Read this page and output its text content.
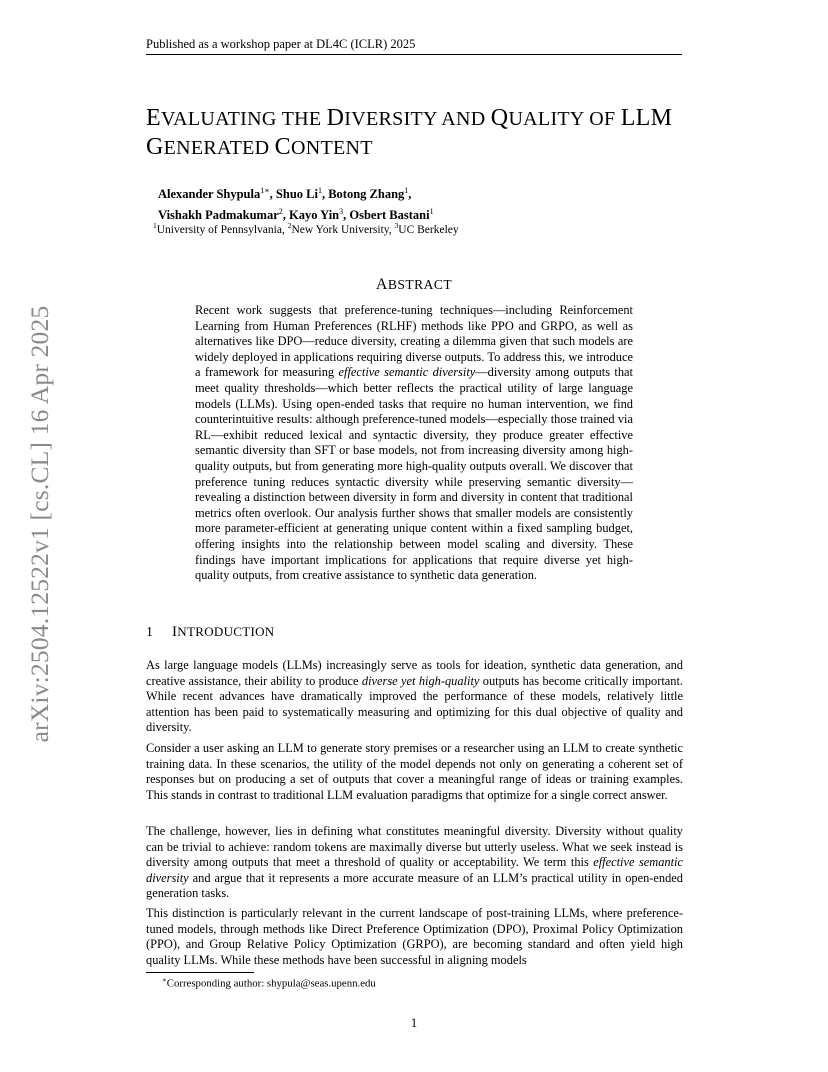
Published as a workshop paper at DL4C (ICLR) 2025
arXiv:2504.12522v1 [cs.CL] 16 Apr 2025
EVALUATING THE DIVERSITY AND QUALITY OF LLM
GENERATED CONTENT
Alexander Shypula$^{1∗}$, Shuo Li$^1$, Botong Zhang$^1$,
Vishakh Padmakumar$^2$, Kayo Yin$^3$, Osbert Bastani$^1$
$^1$University of Pennsylvania, $^2$New York University, $^3$UC Berkeley
ABSTRACT
Recent work suggests that preference-tuning techniques—including Reinforcement Learning from Human Preferences (RLHF) methods like PPO and GRPO, as well as alternatives like DPO—reduce diversity, creating a dilemma given that such models are widely deployed in applications requiring diverse outputs. To address this, we introduce a framework for measuring effective semantic diversity—diversity among outputs that meet quality thresholds—which better reflects the practical utility of large language models (LLMs). Using open-ended tasks that require no human intervention, we find counterintuitive results: although preference-tuned models—especially those trained via RL—exhibit reduced lexical and syntactic diversity, they produce greater effective semantic diversity than SFT or base models, not from increasing diversity among high-quality outputs, but from generating more high-quality outputs overall. We discover that preference tuning reduces syntactic diversity while preserving semantic diversity—revealing a distinction between diversity in form and diversity in content that traditional metrics often overlook. Our analysis further shows that smaller models are consistently more parameter-efficient at generating unique content within a fixed sampling budget, offering insights into the relationship between model scaling and diversity. These findings have important implications for applications that require diverse yet high-quality outputs, from creative assistance to synthetic data generation.
1 INTRODUCTION
As large language models (LLMs) increasingly serve as tools for ideation, synthetic data generation, and creative assistance, their ability to produce diverse yet high-quality outputs has become critically important. While recent advances have dramatically improved the performance of these models, relatively little attention has been paid to systematically measuring and optimizing for this dual objective of quality and diversity.
Consider a user asking an LLM to generate story premises or a researcher using an LLM to create synthetic training data. In these scenarios, the utility of the model depends not only on generating a coherent set of responses but on producing a set of outputs that cover a meaningful range of ideas or training examples. This stands in contrast to traditional LLM evaluation paradigms that optimize for a single correct answer.
The challenge, however, lies in defining what constitutes meaningful diversity. Diversity without quality can be trivial to achieve: random tokens are maximally diverse but utterly useless. What we seek instead is diversity among outputs that meet a threshold of quality or acceptability. We term this effective semantic diversity and argue that it represents a more accurate measure of an LLM’s practical utility in open-ended generation tasks.
This distinction is particularly relevant in the current landscape of post-training LLMs, where preference-tuned models, through methods like Direct Preference Optimization (DPO), Proximal Policy Optimization (PPO), and Group Relative Policy Optimization (GRPO), are becoming standard and often yield high quality LLMs. While these methods have been successful in aligning models
∗Corresponding author: shypula@seas.upenn.edu
1
